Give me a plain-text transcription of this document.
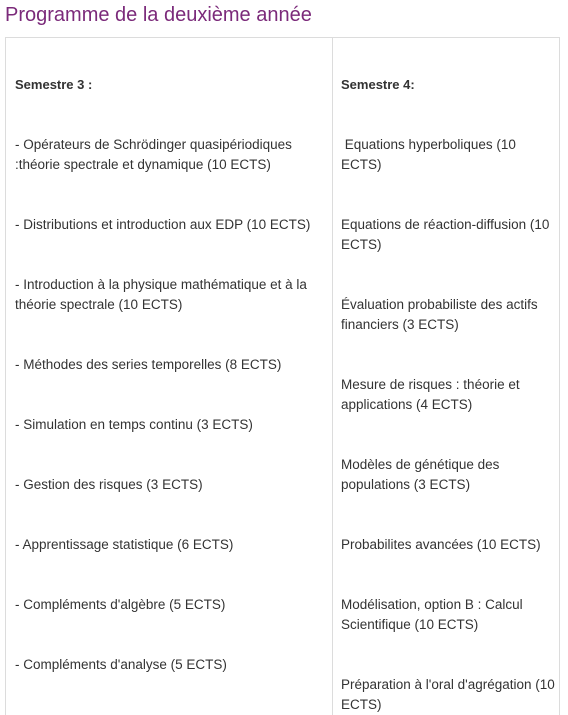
Programme de la deuxième année
Semestre 3 :
- Opérateurs de Schrödinger quasipériodiques :théorie spectrale et dynamique (10 ECTS)
- Distributions et introduction aux EDP (10 ECTS)
- Introduction à la physique mathématique et à la théorie spectrale (10 ECTS)
- Méthodes des series temporelles (8 ECTS)
- Simulation en temps continu (3 ECTS)
- Gestion des risques (3 ECTS)
- Apprentissage statistique (6 ECTS)
- Compléments d'algèbre (5 ECTS)
- Compléments d'analyse (5 ECTS)
Semestre 4:
Equations hyperboliques (10 ECTS)
Equations de réaction-diffusion (10 ECTS)
Évaluation probabiliste des actifs financiers (3 ECTS)
Mesure de risques : théorie et applications (4 ECTS)
Modèles de génétique des populations (3 ECTS)
Probabilites avancées (10 ECTS)
Modélisation, option B : Calcul Scientifique (10 ECTS)
Préparation à l'oral d'agrégation (10 ECTS)
